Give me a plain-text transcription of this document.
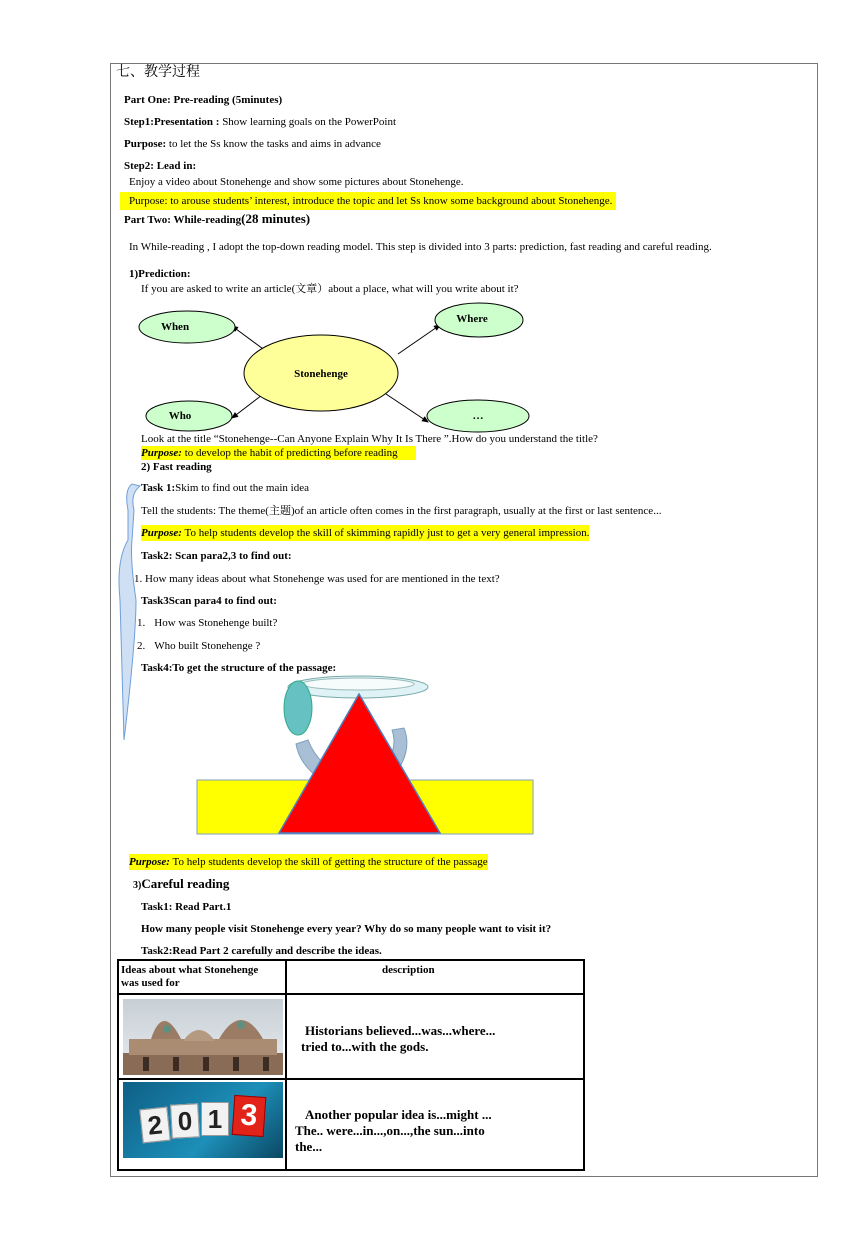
七、教学过程
Part One: Pre-reading (5minutes)
Step1:Presentation : Show learning goals on the PowerPoint
Purpose: to let the Ss know the tasks and aims in advance
Step2: Lead in:
Enjoy a video about Stonehenge and show some pictures about Stonehenge.
Purpose: to arouse students’ interest, introduce the topic and let Ss know some background about Stonehenge.
Part Two: While-reading(28 minutes)
In While-reading , I adopt the top-down reading model. This step is divided into 3 parts: prediction, fast reading and careful reading.
1)Prediction:
If you are asked to write an article(文章）about a place, what will you write about it?
Stonehenge
When
Where
Who	…
Look at the title “Stonehenge--Can Anyone Explain Why It Is There ”.How do you understand the title?
Purpose: to develop the habit of predicting before reading
2) Fast reading
Task 1:Skim to find out the main idea
Tell the students: The theme(主题)of an article often comes in the first paragraph, usually at the first or last sentence...
Purpose: To help students develop the skill of skimming rapidly just to get a very general impression.
Task2: Scan para2,3 to find out:
1. How many ideas about what Stonehenge was used for are mentioned in the text?
Task3Scan para4 to find out:
1. How was Stonehenge built?
2. Who built Stonehenge ?
Task4:To get the structure of the passage:
Purpose: To help students develop the skill of getting the structure of the passage
3)Careful reading
Task1: Read Part.1
How many people visit Stonehenge every year? Why do so many people want to visit it?
Task2:Read Part 2 carefully and describe the ideas.
Ideas about what Stonehenge
was used for
description
Historians believed...was...where...
tried to...with the gods.
2 0 1 3	Another popular idea is...might ...
The.. were...in...,on...,the sun...into
the...
